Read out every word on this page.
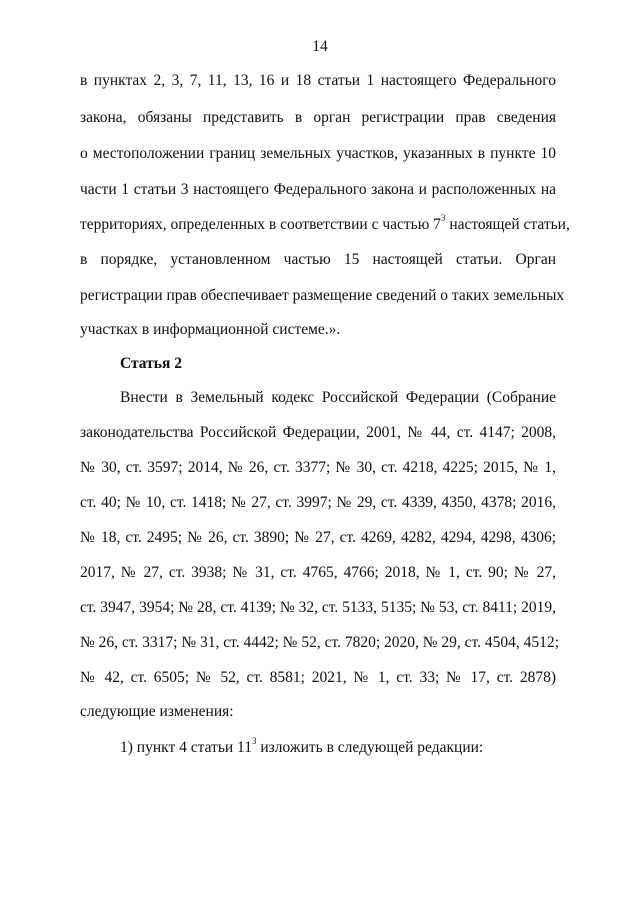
14
в пунктах 2, 3, 7, 11, 13, 16 и 18 статьи 1 настоящего Федерального
закона, обязаны представить в орган регистрации прав сведения
о местоположении границ земельных участков, указанных в пункте 10
части 1 статьи 3 настоящего Федерального закона и расположенных на
территориях, определенных в соответствии с частью $7^3$ настоящей статьи,
в порядке, установленном частью 15 настоящей статьи. Орган
регистрации прав обеспечивает размещение сведений о таких земельных
участках в информационной системе.».
Статья 2
Внести в Земельный кодекс Российской Федерации (Собрание
законодательства Российской Федерации, 2001, № 44, ст. 4147; 2008,
№ 30, ст. 3597; 2014, № 26, ст. 3377; № 30, ст. 4218, 4225; 2015, № 1,
ст. 40; № 10, ст. 1418; № 27, ст. 3997; № 29, ст. 4339, 4350, 4378; 2016,
№ 18, ст. 2495; № 26, ст. 3890; № 27, ст. 4269, 4282, 4294, 4298, 4306;
2017, № 27, ст. 3938; № 31, ст. 4765, 4766; 2018, № 1, ст. 90; № 27,
ст. 3947, 3954; № 28, ст. 4139; № 32, ст. 5133, 5135; № 53, ст. 8411; 2019,
№ 26, ст. 3317; № 31, ст. 4442; № 52, ст. 7820; 2020, № 29, ст. 4504, 4512;
№ 42, ст. 6505; № 52, ст. 8581; 2021, № 1, ст. 33; № 17, ст. 2878)
следующие изменения:
1) пункт 4 статьи $11^3$ изложить в следующей редакции:
